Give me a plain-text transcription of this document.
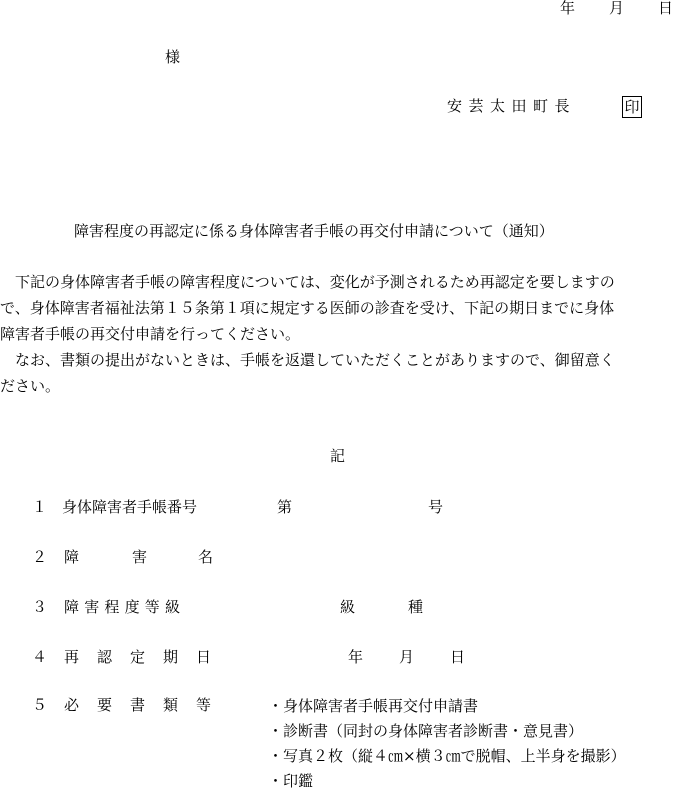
年 月 日
様
安芸太田町長	印
障害程度の再認定に係る身体障害者手帳の再交付申請について（通知）

　下記の身体障害者手帳の障害程度については、変化が予測されるため再認定を要しますの

で、身体障害者福祉法第１５条第１項に規定する医師の診査を受け、下記の期日までに身体

障害者手帳の再交付申請を行ってください。

　なお、書類の提出がないときは、手帳を返還していただくことがありますので、御留意く

ださい。

記
１ 身体障害者手帳番号	第	号
２ 障	害	名
３ 障害程度等級	級	種
４ 再認定期日	年 月 日
５ 必要書類等	・身体障害者手帳再交付申請書
・診断書（同封の身体障害者診断書・意見書）
・写真２枚（縦４㎝×横３㎝で脱帽、上半身を撮影）
・印鑑
